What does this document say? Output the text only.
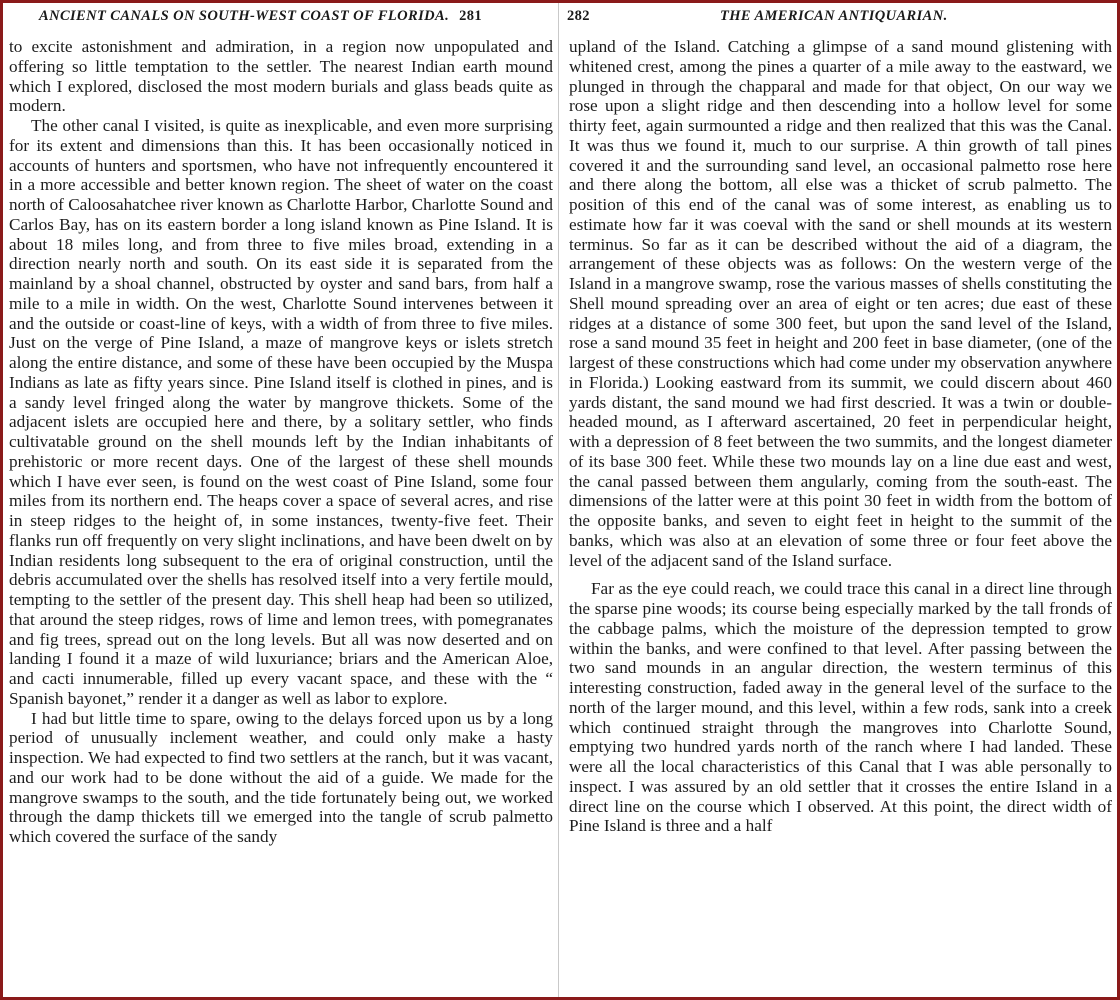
ANCIENT CANALS ON SOUTH-WEST COAST OF FLORIDA. 281

to excite astonishment and admiration, in a region now unpopulated and offering so little temptation to the settler. The nearest Indian earth mound which I explored, disclosed the most modern burials and glass beads quite as modern.

The other canal I visited, is quite as inexplicable, and even more surprising for its extent and dimensions than this. It has been occasionally noticed in accounts of hunters and sportsmen, who have not infrequently encountered it in a more accessible and better known region. The sheet of water on the coast north of Caloosahatchee river known as Charlotte Harbor, Charlotte Sound and Carlos Bay, has on its eastern border a long island known as Pine Island. It is about 18 miles long, and from three to five miles broad, extending in a direction nearly north and south. On its east side it is separated from the mainland by a shoal channel, obstructed by oyster and sand bars, from half a mile to a mile in width. On the west, Charlotte Sound intervenes between it and the outside or coast-line of keys, with a width of from three to five miles. Just on the verge of Pine Island, a maze of mangrove keys or islets stretch along the entire distance, and some of these have been occupied by the Muspa Indians as late as fifty years since. Pine Island itself is clothed in pines, and is a sandy level fringed along the water by mangrove thickets. Some of the adjacent islets are occupied here and there, by a solitary settler, who finds cultivatable ground on the shell mounds left by the Indian inhabitants of prehistoric or more recent days. One of the largest of these shell mounds which I have ever seen, is found on the west coast of Pine Island, some four miles from its northern end. The heaps cover a space of several acres, and rise in steep ridges to the height of, in some instances, twenty-five feet. Their flanks run off frequently on very slight inclinations, and have been dwelt on by Indian residents long subsequent to the era of original construction, until the debris accumulated over the shells has resolved itself into a very fertile mould, tempting to the settler of the present day. This shell heap had been so utilized, that around the steep ridges, rows of lime and lemon trees, with pomegranates and fig trees, spread out on the long levels. But all was now deserted and on landing I found it a maze of wild luxuriance; briars and the American Aloe, and cacti innumerable, filled up every vacant space, and these with the “ Spanish bayonet,” render it a danger as well as labor to explore.

I had but little time to spare, owing to the delays forced upon us by a long period of unusually inclement weather, and could only make a hasty inspection. We had expected to find two settlers at the ranch, but it was vacant, and our work had to be done without the aid of a guide. We made for the mangrove swamps to the south, and the tide fortunately being out, we worked through the damp thickets till we emerged into the tangle of scrub palmetto which covered the surface of the sandy

282	THE AMERICAN ANTIQUARIAN.

upland of the Island. Catching a glimpse of a sand mound glistening with whitened crest, among the pines a quarter of a mile away to the eastward, we plunged in through the chapparal and made for that object, On our way we rose upon a slight ridge and then descending into a hollow level for some thirty feet, again surmounted a ridge and then realized that this was the Canal. It was thus we found it, much to our surprise. A thin growth of tall pines covered it and the surrounding sand level, an occasional palmetto rose here and there along the bottom, all else was a thicket of scrub palmetto. The position of this end of the canal was of some interest, as enabling us to estimate how far it was coeval with the sand or shell mounds at its western terminus. So far as it can be described without the aid of a diagram, the arrangement of these objects was as follows: On the western verge of the Island in a mangrove swamp, rose the various masses of shells constituting the Shell mound spreading over an area of eight or ten acres; due east of these ridges at a distance of some 300 feet, but upon the sand level of the Island, rose a sand mound 35 feet in height and 200 feet in base diameter, (one of the largest of these constructions which had come under my observation anywhere in Florida.) Looking eastward from its summit, we could discern about 460 yards distant, the sand mound we had first descried. It was a twin or double-headed mound, as I afterward ascertained, 20 feet in perpendicular height, with a depression of 8 feet between the two summits, and the longest diameter of its base 300 feet. While these two mounds lay on a line due east and west, the canal passed between them angularly, coming from the south-east. The dimensions of the latter were at this point 30 feet in width from the bottom of the opposite banks, and seven to eight feet in height to the summit of the banks, which was also at an elevation of some three or four feet above the level of the adjacent sand of the Island surface.

Far as the eye could reach, we could trace this canal in a direct line through the sparse pine woods; its course being especially marked by the tall fronds of the cabbage palms, which the moisture of the depression tempted to grow within the banks, and were confined to that level. After passing between the two sand mounds in an angular direction, the western terminus of this interesting construction, faded away in the general level of the surface to the north of the larger mound, and this level, within a few rods, sank into a creek which continued straight through the mangroves into Charlotte Sound, emptying two hundred yards north of the ranch where I had landed. These were all the local characteristics of this Canal that I was able personally to inspect. I was assured by an old settler that it crosses the entire Island in a direct line on the course which I observed. At this point, the direct width of Pine Island is three and a half
